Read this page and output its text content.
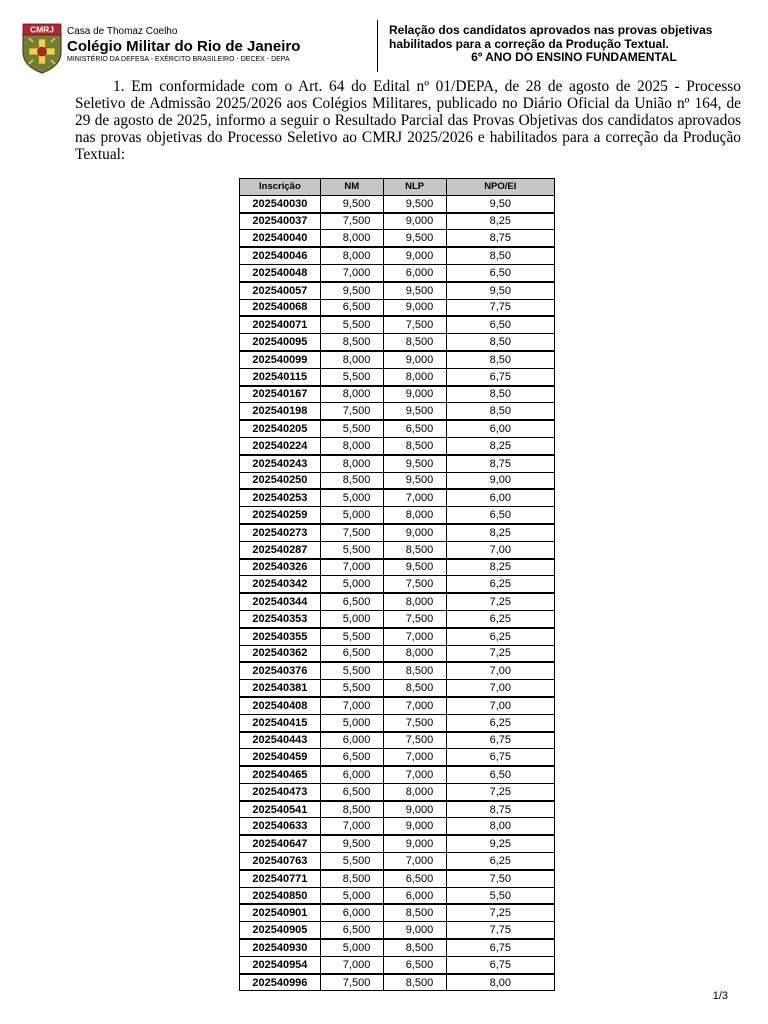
CMRJ Casa de Thomaz Coelho
Colégio Militar do Rio de Janeiro
MINISTÉRIO DA DEFESA - EXÉRCITO BRASILEIRO - DECEX - DEPA
Relação dos candidatos aprovados nas provas objetivas
habilitados para a correção da Produção Textual.
6º ANO DO ENSINO FUNDAMENTAL

1. Em conformidade com o Art. 64 do Edital nº 01/DEPA, de 28 de agosto de 2025 - Processo Seletivo de Admissão 2025/2026 aos Colégios Militares, publicado no Diário Oficial da União nº 164, de 29 de agosto de 2025, informo a seguir o Resultado Parcial das Provas Objetivas dos candidatos aprovados nas provas objetivas do Processo Seletivo ao CMRJ 2025/2026 e habilitados para a correção da Produção Textual:

Inscrição	NM	NLP	NPO/EI
202540030	9,500	9,500	9,50
202540037	7,500	9,000	8,25
202540040	8,000	9,500	8,75
202540046	8,000	9,000	8,50
202540048	7,000	6,000	6,50
202540057	9,500	9,500	9,50
202540068	6,500	9,000	7,75
202540071	5,500	7,500	6,50
202540095	8,500	8,500	8,50
202540099	8,000	9,000	8,50
202540115	5,500	8,000	6,75
202540167	8,000	9,000	8,50
202540198	7,500	9,500	8,50
202540205	5,500	6,500	6,00
202540224	8,000	8,500	8,25
202540243	8,000	9,500	8,75
202540250	8,500	9,500	9,00
202540253	5,000	7,000	6,00
202540259	5,000	8,000	6,50
202540273	7,500	9,000	8,25
202540287	5,500	8,500	7,00
202540326	7,000	9,500	8,25
202540342	5,000	7,500	6,25
202540344	6,500	8,000	7,25
202540353	5,000	7,500	6,25
202540355	5,500	7,000	6,25
202540362	6,500	8,000	7,25
202540376	5,500	8,500	7,00
202540381	5,500	8,500	7,00
202540408	7,000	7,000	7,00
202540415	5,000	7,500	6,25
202540443	6,000	7,500	6,75
202540459	6,500	7,000	6,75
202540465	6,000	7,000	6,50
202540473	6,500	8,000	7,25
202540541	8,500	9,000	8,75
202540633	7,000	9,000	8,00
202540647	9,500	9,000	9,25
202540763	5,500	7,000	6,25
202540771	8,500	6,500	7,50
202540850	5,000	6,000	5,50
202540901	6,000	8,500	7,25
202540905	6,500	9,000	7,75
202540930	5,000	8,500	6,75
202540954	7,000	6,500	6,75
202540996	7,500	8,500	8,00
1/3
